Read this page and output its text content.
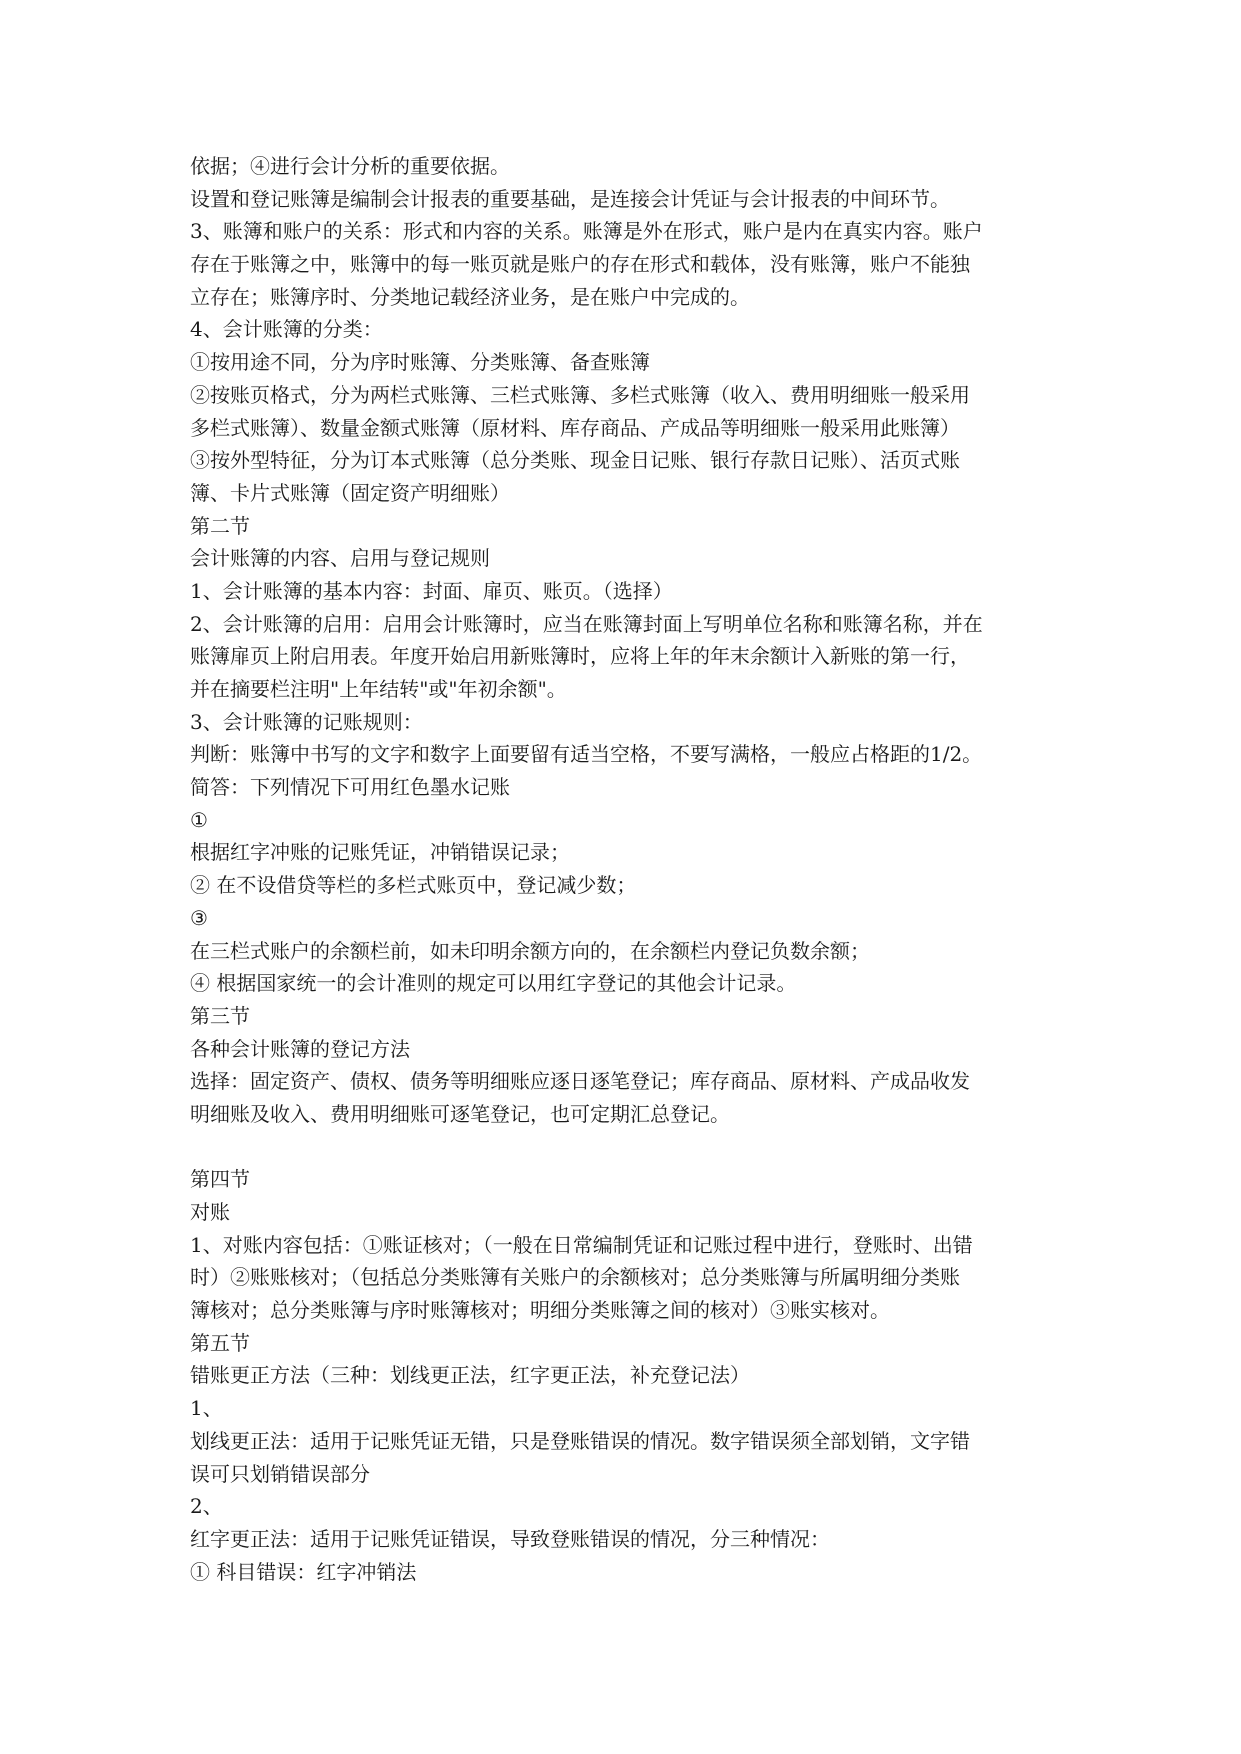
依据；④进行会计分析的重要依据。
设置和登记账簿是编制会计报表的重要基础，是连接会计凭证与会计报表的中间环节。
3、账簿和账户的关系：形式和内容的关系。账簿是外在形式，账户是内在真实内容。账户
存在于账簿之中，账簿中的每一账页就是账户的存在形式和载体，没有账簿，账户不能独
立存在；账簿序时、分类地记载经济业务，是在账户中完成的。
4、会计账簿的分类：
①按用途不同，分为序时账簿、分类账簿、备查账簿
②按账页格式，分为两栏式账簿、三栏式账簿、多栏式账簿（收入、费用明细账一般采用
多栏式账簿）、数量金额式账簿（原材料、库存商品、产成品等明细账一般采用此账簿）
③按外型特征，分为订本式账簿（总分类账、现金日记账、银行存款日记账）、活页式账
簿、卡片式账簿（固定资产明细账）
第二节
会计账簿的内容、启用与登记规则
1、会计账簿的基本内容：封面、扉页、账页。（选择）
2、会计账簿的启用：启用会计账簿时，应当在账簿封面上写明单位名称和账簿名称，并在
账簿扉页上附启用表。年度开始启用新账簿时，应将上年的年末余额计入新账的第一行，
并在摘要栏注明"上年结转"或"年初余额"。
3、会计账簿的记账规则：
判断：账簿中书写的文字和数字上面要留有适当空格，不要写满格，一般应占格距的1/2。
简答：下列情况下可用红色墨水记账
①
根据红字冲账的记账凭证，冲销错误记录；
② 在不设借贷等栏的多栏式账页中，登记减少数；
③
在三栏式账户的余额栏前，如未印明余额方向的，在余额栏内登记负数余额；
④ 根据国家统一的会计准则的规定可以用红字登记的其他会计记录。
第三节
各种会计账簿的登记方法
选择：固定资产、债权、债务等明细账应逐日逐笔登记；库存商品、原材料、产成品收发
明细账及收入、费用明细账可逐笔登记，也可定期汇总登记。
第四节
对账
1、对账内容包括：①账证核对；（一般在日常编制凭证和记账过程中进行，登账时、出错
时）②账账核对；（包括总分类账簿有关账户的余额核对；总分类账簿与所属明细分类账
簿核对；总分类账簿与序时账簿核对；明细分类账簿之间的核对）③账实核对。
第五节
错账更正方法（三种：划线更正法，红字更正法，补充登记法）
1、
划线更正法：适用于记账凭证无错，只是登账错误的情况。数字错误须全部划销，文字错
误可只划销错误部分
2、
红字更正法：适用于记账凭证错误，导致登账错误的情况，分三种情况：
① 科目错误：红字冲销法
